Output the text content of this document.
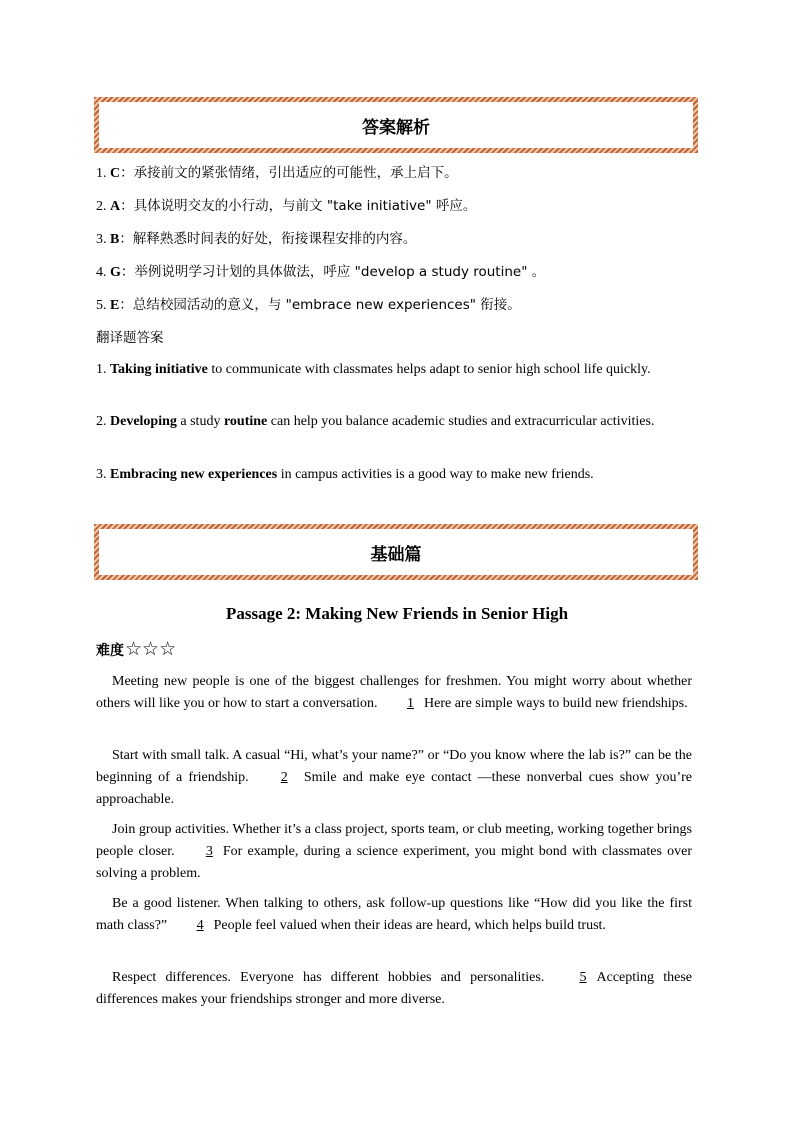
答案解析
1. C：承接前文的紧张情绪，引出适应的可能性，承上启下。
2. A：具体说明交友的小行动，与前文 "take initiative" 呼应。
3. B：解释熟悉时间表的好处，衔接课程安排的内容。
4. G：举例说明学习计划的具体做法，呼应 "develop a study routine" 。
5. E：总结校园活动的意义，与 "embrace new experiences" 衔接。
翻译题答案
1. Taking initiative to communicate with classmates helps adapt to senior high school life quickly.
2. Developing a study routine can help you balance academic studies and extracurricular activities.
3. Embracing new experiences in campus activities is a good way to make new friends.
基础篇
Passage 2: Making New Friends in Senior High
难度☆☆☆
Meeting new people is one of the biggest challenges for freshmen. You might worry about whether others will like you or how to start a conversation. 1 Here are simple ways to build new friendships.
Start with small talk. A casual “Hi, what’s your name?” or “Do you know where the lab is?” can be the beginning of a friendship. 2 Smile and make eye contact —these nonverbal cues show you’re approachable.
Join group activities. Whether it’s a class project, sports team, or club meeting, working together brings people closer. 3 For example, during a science experiment, you might bond with classmates over solving a problem.
Be a good listener. When talking to others, ask follow-up questions like “How did you like the first math class?” 4 People feel valued when their ideas are heard, which helps build trust.
Respect differences. Everyone has different hobbies and personalities. 5 Accepting these differences makes your friendships stronger and more diverse.
